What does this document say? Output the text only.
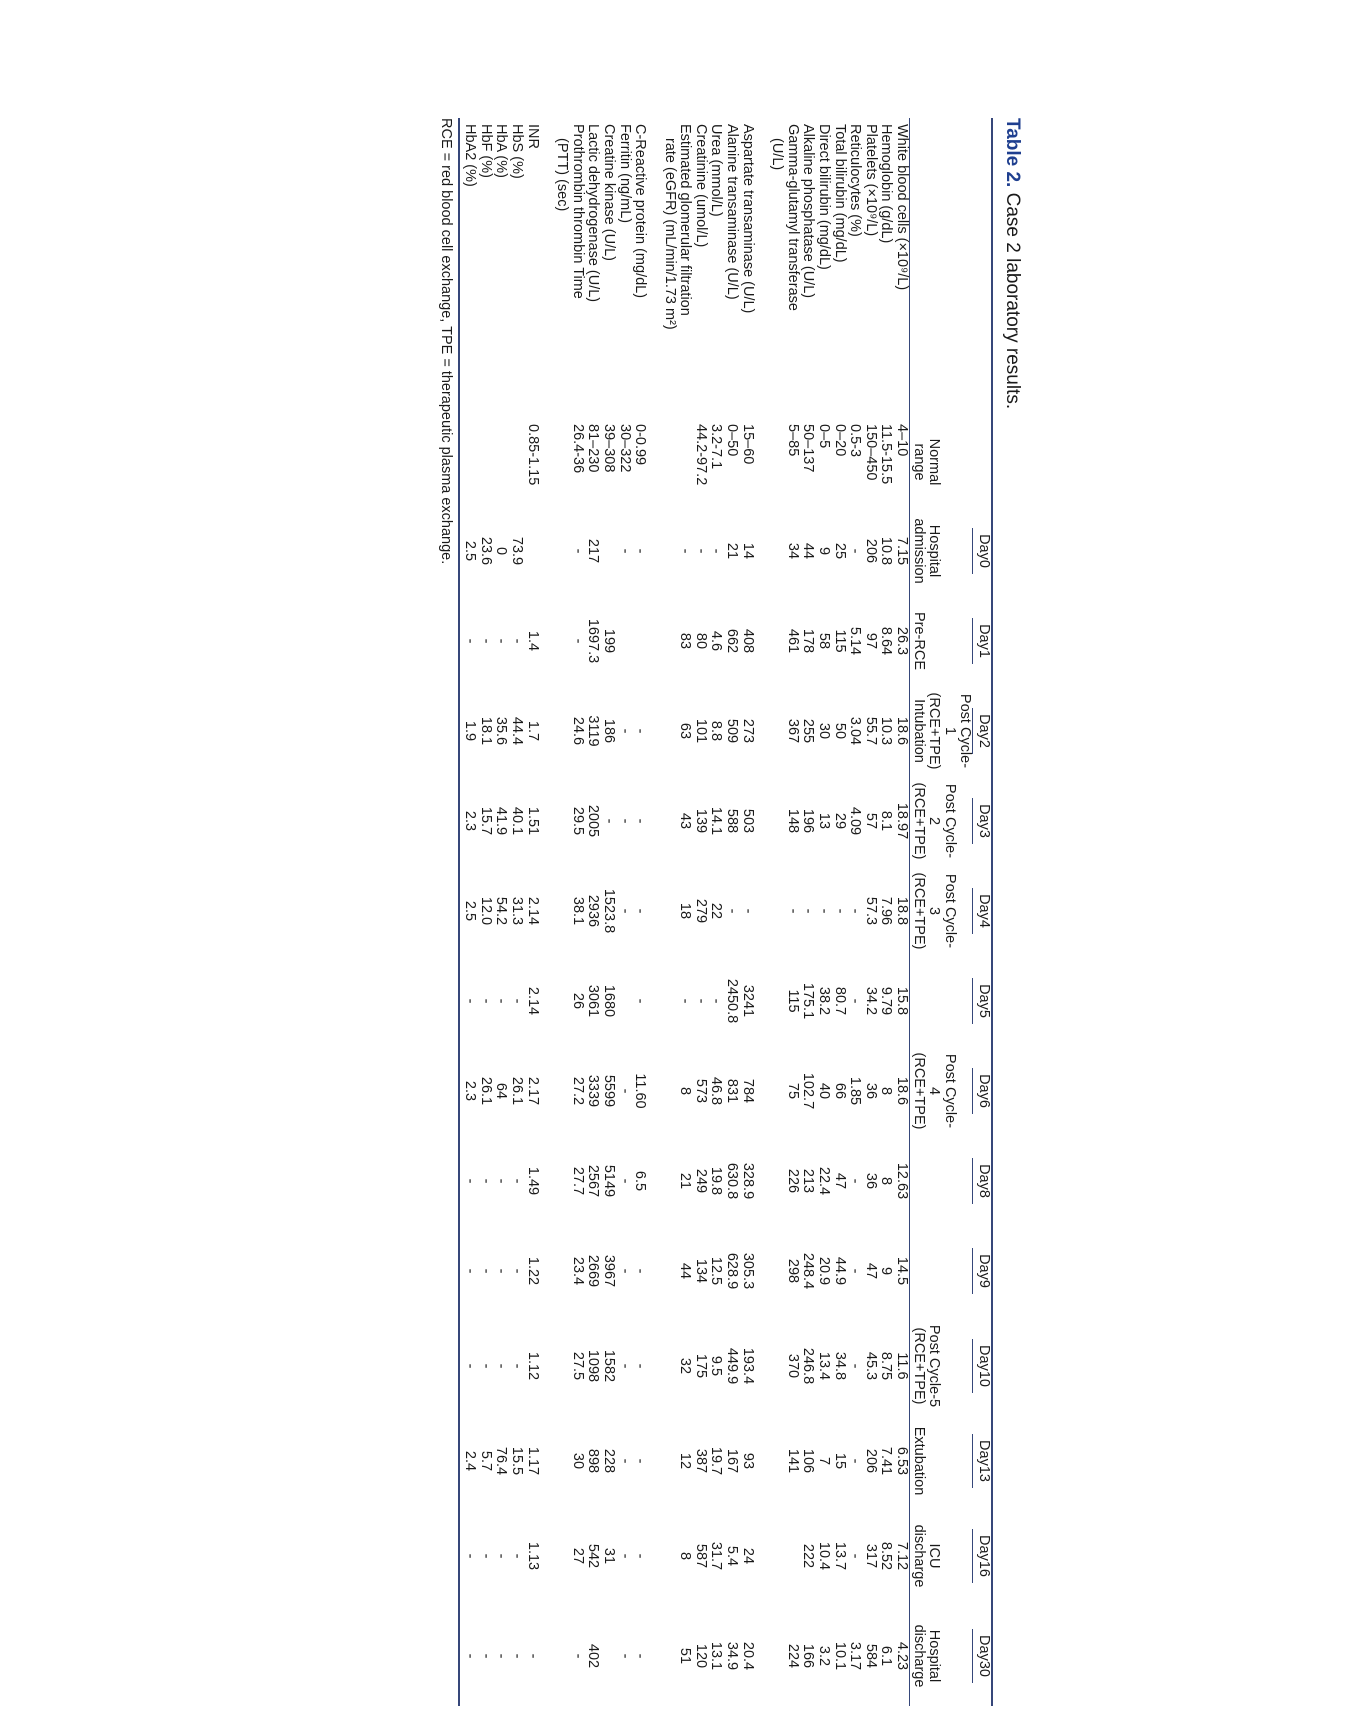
Table 2. Case 2 laboratory results.
		Day0	Day1	Day2	Day3	Day4	Day5	Day6	Day8	Day9	Day10	Day13	Day16	Day30
	Normal range	Hospital admission	Pre-RCE	Post Cycle-1 (RCE+TPE) Intubation	Post Cycle-2 (RCE+TPE)	Post Cycle-3 (RCE+TPE)		Post Cycle-4 (RCE+TPE)			Post Cycle-5 (RCE+TPE)	Extubation	ICU discharge	Hospital discharge
White blood cells (×10⁹/L)	4–10	7.15	26.3	18.6	18.97	18.8	15.8	18.6	12.63	14.5	11.6	6.53	7.12	4.23
Hemoglobin (g/dL)	11.5-15.5	10.8	8.64	10.3	8.1	7.96	9.79	8	8	9	8.75	7.41	8.52	6.1
Platelets (×10⁹/L)	150–450	206	97	55.7	57	57.3	34.2	36	36	47	45.3	206	317	584
Reticulocytes (%)	0.5-3	-	5.14	3.04	4.09	-	-	1.85	-	-	-	-	-	3.17
Total bilirubin (mg/dL)	0–20	25	115	50	29	-	80.7	66	47	44.9	34.8	15	13.7	10.1
Direct bilirubin (mg/dL)	0–5	9	58	30	13	-	38.2	40	22.4	20.9	13.4	7	10.4	3.2
Alkaline phosphatase (U/L)	50–137	44	178	255	196	-	175.1	102.7	213	248.4	246.8	106	222	166
Gamma-glutamyl transferase
(U/L)	5–85	34	461	367	148	-	115	75	226	298	370	141		224

Aspartate transaminase (U/L)	15–60	14	408	273	503	-	3241	784	328.9	305.3	193.4	93	24	20.4
Alanine transaminase (U/L)	0–50	21	662	509	588	-	2450.8	831	630.8	628.9	449.9	167	5.4	34.9
Urea (mmol/L)	3.2-7.1	-	4.6	8.8	14.1	22	-	46.8	19.8	12.5	9.5	19.7	31.7	13.1
Creatinine (umol/L)	44.2-97.2	-	80	101	139	279	-	573	249	134	175	387	587	120
Estimated glomerular filtration
rate (eGFR) (mL/min/1.73 m²)		-	83	63	43	18	-	8	21	44	32	12	8	51

C-Reactive protein (mg/dL)	0-0.99	-		-	-	-	-	11.60	6.5	-	-	-	-	-
Ferritin (ng/mL)	30–322	-		-	-	-		-	-	-	-	-	-	-
Creatine kinase (U/L)	39–308		199	186	-	1523.8	1680	5599	5149	3967	1582	228	31	
Lactic dehydrogenase (U/L)	81–230	217	1697.3	3119	2005	2936	3061	3339	2567	2669	1098	898	542	402
Prothrombin thrombin Time
(PTT) (sec)	26.4-36	-	-	24.6	29.5	38.1	26	27.2	27.7	23.4	27.5	30	27	-

INR	0.85-1.15		1.4	1.7	1.51	2.14	2.14	2.17	1.49	1.22	1.12	1.17	1.13	-
HbS (%)		73.9	-	44.4	40.1	31.3	-	26.1	-	-	-	15.5	-	-
HbA (%)		0	-	35.6	41.9	54.2	-	64	-	-	-	76.4	-	-
HbF (%)		23.6	-	18.1	15.7	12.0	-	26.1	-	-	-	5.7	-	-
HbA2 (%)		2.5	-	1.9	2.3	2.5	-	2.3	-	-	-	2.4	-	-
RCE = red blood cell exchange, TPE = therapeutic plasma exchange.
